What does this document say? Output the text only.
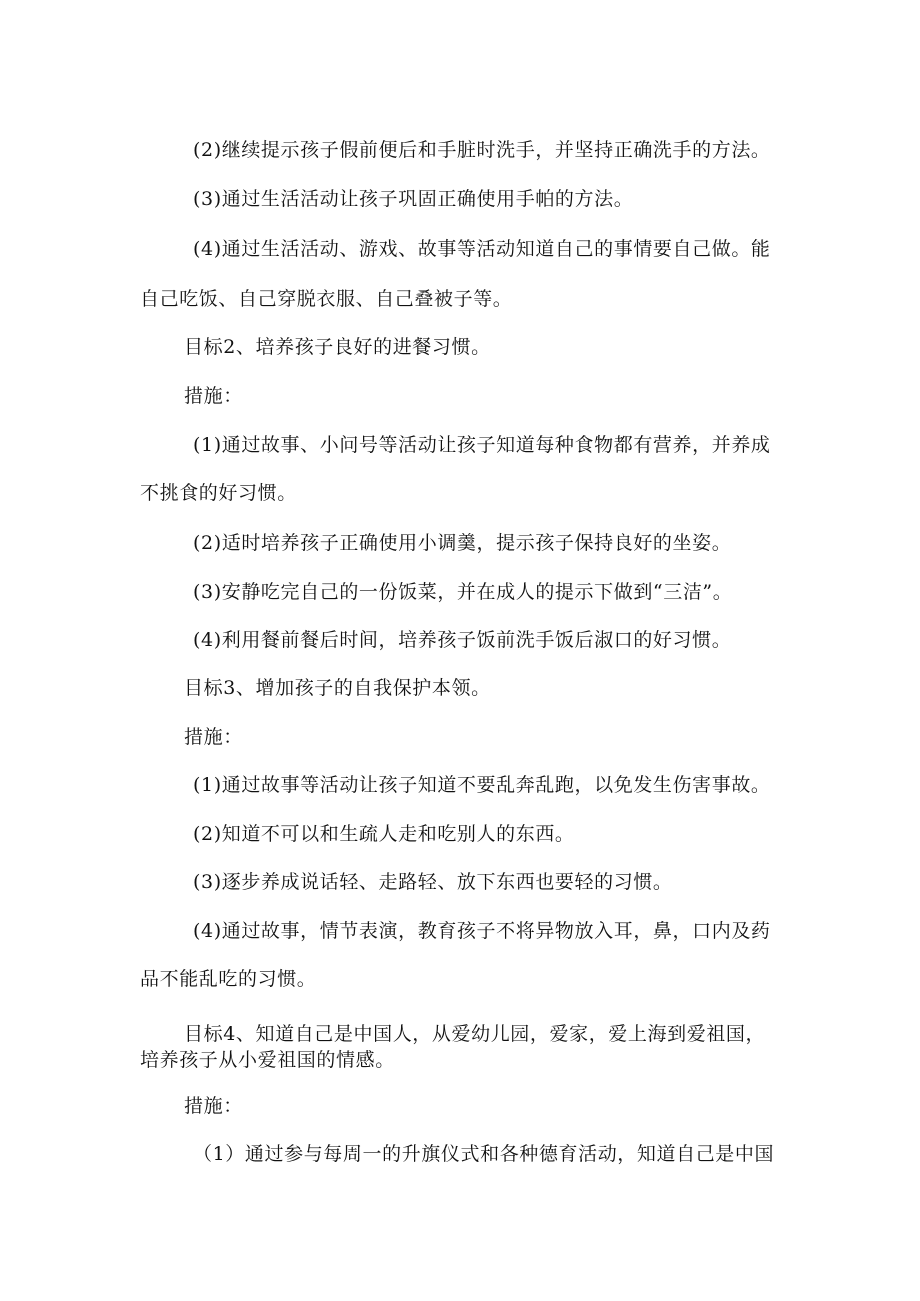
(2)继续提示孩子假前便后和手脏时洗手，并坚持正确洗手的方法。

(3)通过生活活动让孩子巩固正确使用手帕的方法。

(4)通过生活活动、游戏、故事等活动知道自己的事情要自己做。能

自己吃饭、自己穿脱衣服、自己叠被子等。

目标2、培养孩子良好的进餐习惯。

措施：

(1)通过故事、小问号等活动让孩子知道每种食物都有营养，并养成

不挑食的好习惯。

(2)适时培养孩子正确使用小调羹，提示孩子保持良好的坐姿。

(3)安静吃完自己的一份饭菜，并在成人的提示下做到“三洁”。

(4)利用餐前餐后时间，培养孩子饭前洗手饭后淑口的好习惯。

目标3、增加孩子的自我保护本领。

措施：

(1)通过故事等活动让孩子知道不要乱奔乱跑，以免发生伤害事故。

(2)知道不可以和生疏人走和吃别人的东西。

(3)逐步养成说话轻、走路轻、放下东西也要轻的习惯。

(4)通过故事，情节表演，教育孩子不将异物放入耳，鼻，口内及药

品不能乱吃的习惯。

目标4、知道自己是中国人，从爱幼儿园，爱家，爱上海到爱祖国，

培养孩子从小爱祖国的情感。

措施：

（1）通过参与每周一的升旗仪式和各种德育活动，知道自己是中国
